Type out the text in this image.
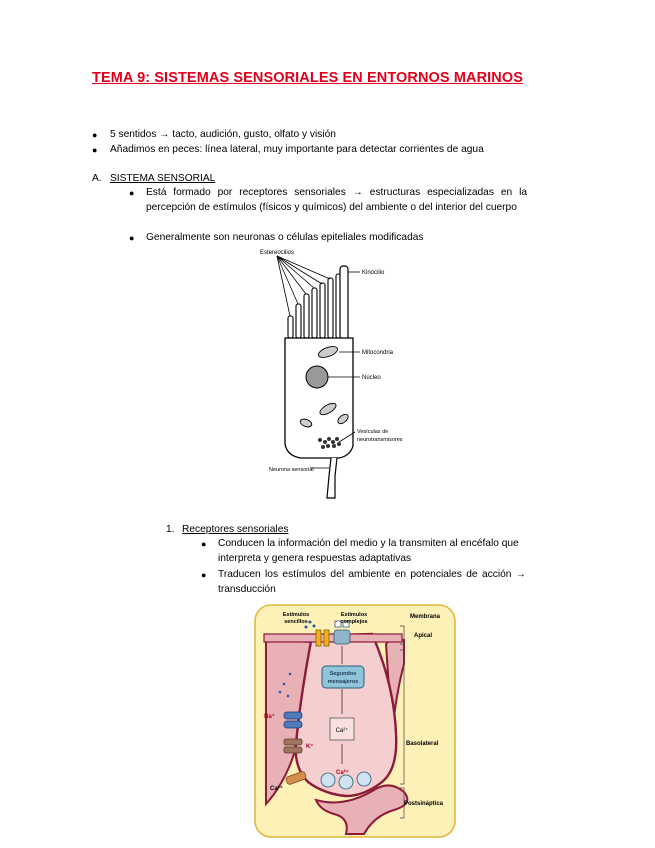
TEMA 9: SISTEMAS SENSORIALES EN ENTORNOS MARINOS
● 5 sentidos → tacto, audición, gusto, olfato y visión
● Añadimos en peces: línea lateral, muy importante para detectar corrientes de agua
A. SISTEMA SENSORIAL
● Está formado por receptores sensoriales → estructuras especializadas en la percepción de estímulos (físicos y químicos) del ambiente o del interior del cuerpo
● Generalmente son neuronas o células epiteliales modificadas
Estereocilios
Kinocilio
Mitocondria
Núcleo
Vesículas de
neurotransmisores
Neurona sensorial
1. Receptores sensoriales
● Conducen la información del medio y la transmiten al encéfalo que interpreta y genera respuestas adaptativas
● Traducen los estímulos del ambiente en potenciales de acción → transducción
Segundos
mensajeros
Ca²⁺
Estímulos
sencillos
Estímulos
complejos
Membrana
Apical
Na⁺
K⁺
Ca²⁺
Ca²⁺
Basolateral
Postsináptica
